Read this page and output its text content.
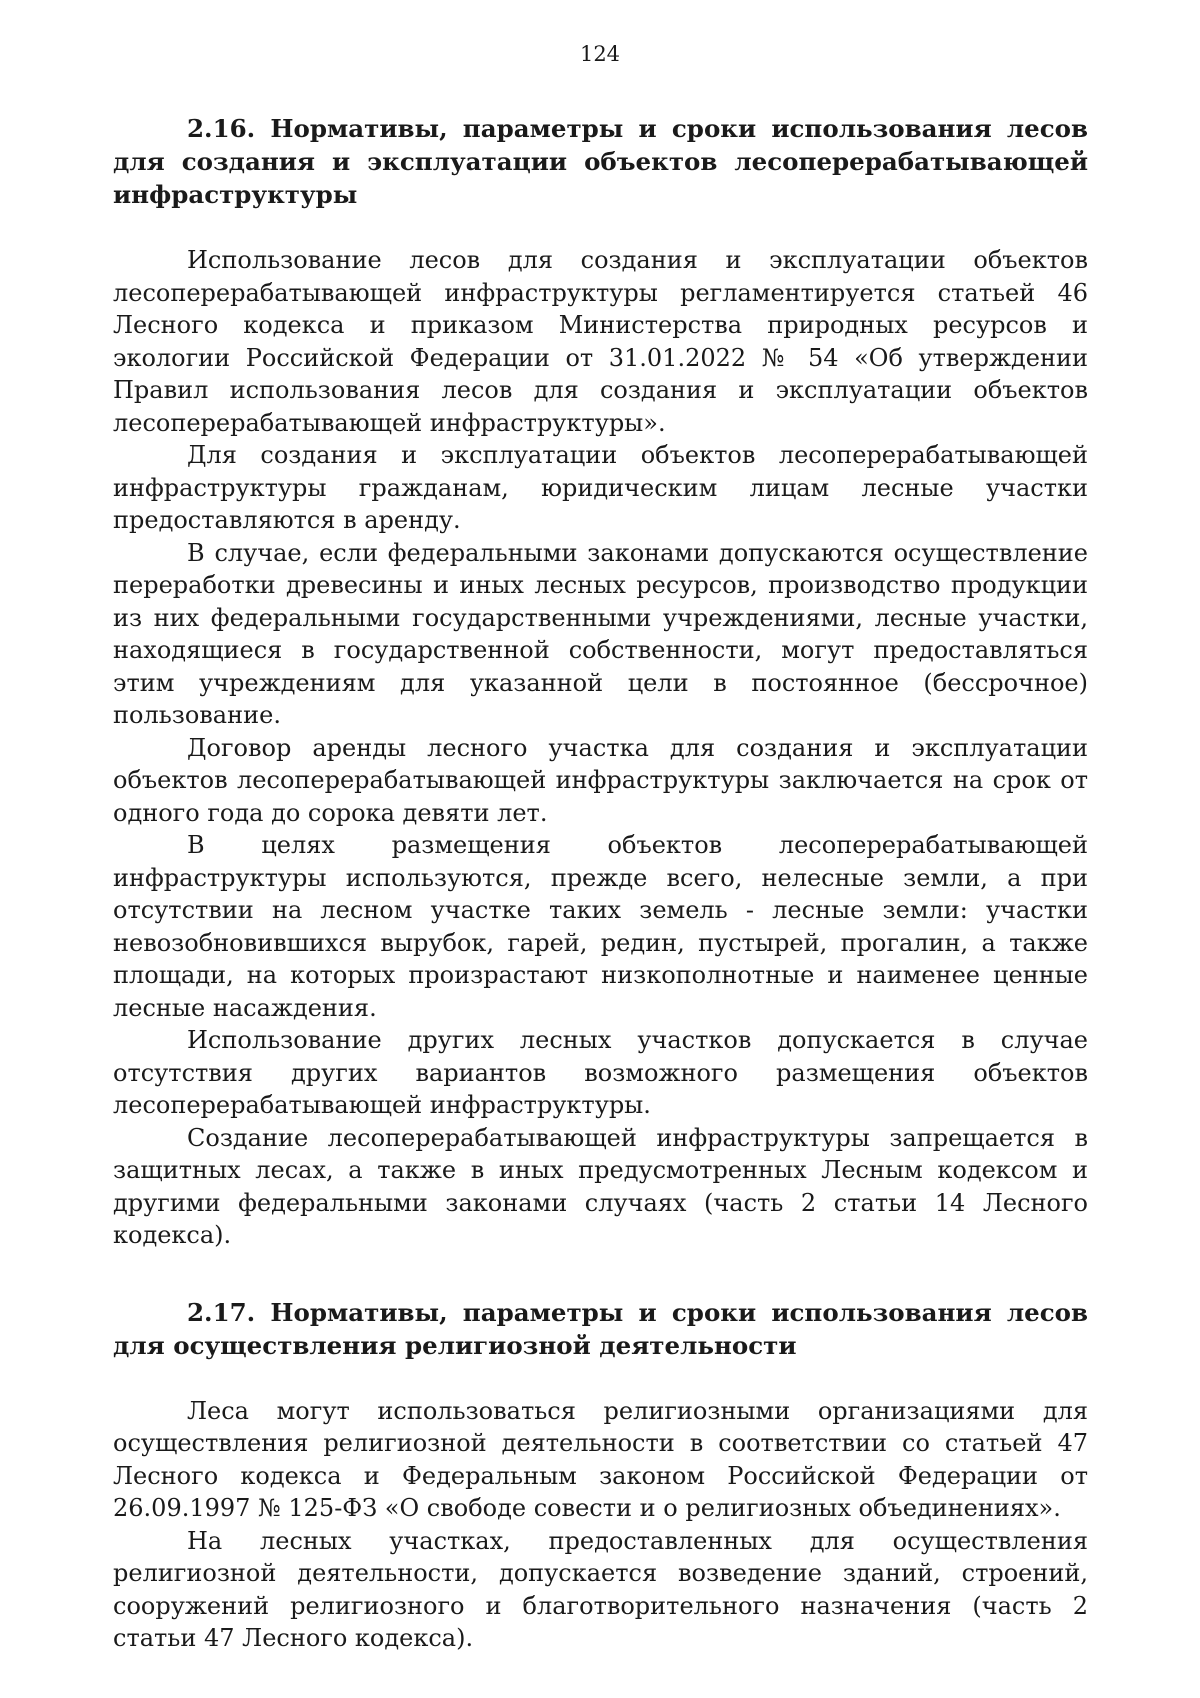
124
2.16. Нормативы, параметры и сроки использования лесов для создания и эксплуатации объектов лесоперерабатывающей инфраструктуры

Использование лесов для создания и эксплуатации объектов лесоперерабатывающей инфраструктуры регламентируется статьей 46 Лесного кодекса и приказом Министерства природных ресурсов и экологии Российской Федерации от 31.01.2022 № 54 «Об утверждении Правил использования лесов для создания и эксплуатации объектов лесоперерабатывающей инфраструктуры».

Для создания и эксплуатации объектов лесоперерабатывающей инфраструктуры гражданам, юридическим лицам лесные участки предоставляются в аренду.

В случае, если федеральными законами допускаются осуществление переработки древесины и иных лесных ресурсов, производство продукции из них федеральными государственными учреждениями, лесные участки, находящиеся в государственной собственности, могут предоставляться этим учреждениям для указанной цели в постоянное (бессрочное) пользование.

Договор аренды лесного участка для создания и эксплуатации объектов лесоперерабатывающей инфраструктуры заключается на срок от одного года до сорока девяти лет.

В целях размещения объектов лесоперерабатывающей инфраструктуры используются, прежде всего, нелесные земли, а при отсутствии на лесном участке таких земель - лесные земли: участки невозобновившихся вырубок, гарей, редин, пустырей, прогалин, а также площади, на которых произрастают низкополнотные и наименее ценные лесные насаждения.

Использование других лесных участков допускается в случае отсутствия других вариантов возможного размещения объектов лесоперерабатывающей инфраструктуры.

Создание лесоперерабатывающей инфраструктуры запрещается в защитных лесах, а также в иных предусмотренных Лесным кодексом и другими федеральными законами случаях (часть 2 статьи 14 Лесного кодекса).

2.17. Нормативы, параметры и сроки использования лесов для осуществления религиозной деятельности

Леса могут использоваться религиозными организациями для осуществления религиозной деятельности в соответствии со статьей 47 Лесного кодекса и Федеральным законом Российской Федерации от 26.09.1997 № 125-ФЗ «О свободе совести и о религиозных объединениях».

На лесных участках, предоставленных для осуществления религиозной деятельности, допускается возведение зданий, строений, сооружений религиозного и благотворительного назначения (часть 2 статьи 47 Лесного кодекса).
